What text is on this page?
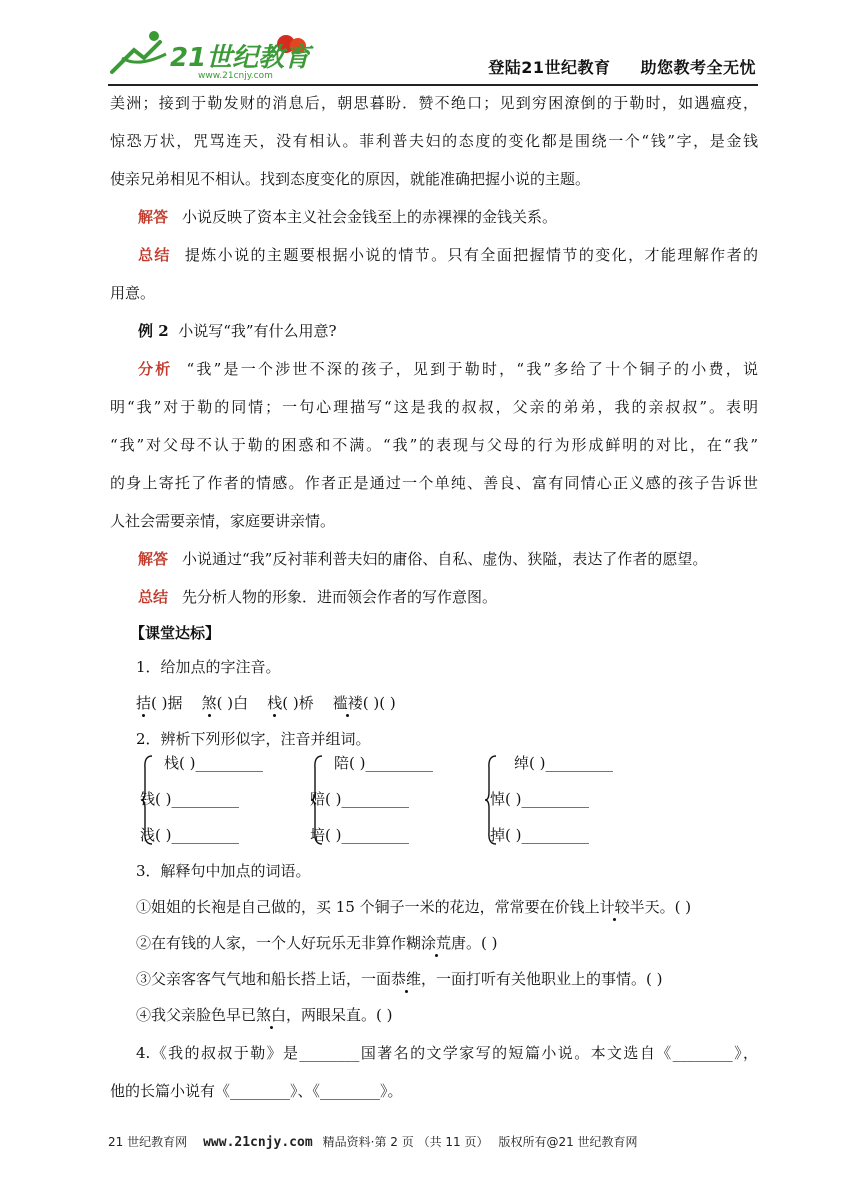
21世纪教育
www.21cnjy.com	登陆21世纪教育 助您教考全无忧
美洲；接到于勒发财的消息后，朝思暮盼．赞不绝口；见到穷困潦倒的于勒时，如遇瘟疫，
惊恐万状，咒骂连天，没有相认。菲利普夫妇的态度的变化都是围绕一个“钱”字，是金钱
使亲兄弟相见不相认。找到态度变化的原因，就能准确把握小说的主题。
解答 小说反映了资本主义社会金钱至上的赤裸裸的金钱关系。
总结 提炼小说的主题要根据小说的情节。只有全面把握情节的变化，才能理解作者的
用意。
例 2 小说写“我”有什么用意?
分析 “我”是一个涉世不深的孩子，见到于勒时，“我”多给了十个铜子的小费，说
明“我”对于勒的同情；一句心理描写“这是我的叔叔，父亲的弟弟，我的亲叔叔”。表明
“我”对父母不认于勒的困惑和不满。“我”的表现与父母的行为形成鲜明的对比，在“我”
的身上寄托了作者的情感。作者正是通过一个单纯、善良、富有同情心正义感的孩子告诉世
人社会需要亲情，家庭要讲亲情。
解答 小说通过“我”反衬菲利普夫妇的庸俗、自私、虚伪、狭隘，表达了作者的愿望。
总结 先分析人物的形象．进而领会作者的写作意图。
【课堂达标】
1．给加点的字注音。
拮( )据 煞( )白 栈( )桥 褴褛( )( )
2．辨析下列形似字，注音并组词。
栈( )_________
钱( )_________
浅( )_________
陪( )_________
赔( )_________
培( )_________
绰( )_________
悼( )_________
掉( )_________
3．解释句中加点的词语。
①姐姐的长袍是自己做的，买 15 个铜子一米的花边，常常要在价钱上计较半天。( )
②在有钱的人家，一个人好玩乐无非算作糊涂荒唐。( )
③父亲客客气气地和船长搭上话，一面恭维，一面打听有关他职业上的事情。( )
④我父亲脸色早已煞白，两眼呆直。( )
4.《我的叔叔于勒》是________国著名的文学家写的短篇小说。本文选自《________》，
他的长篇小说有《________》、《________》。
21 世纪教育网 www.21cnjy.com 精品资料·第 2 页 （共 11 页） 版权所有@21 世纪教育网
